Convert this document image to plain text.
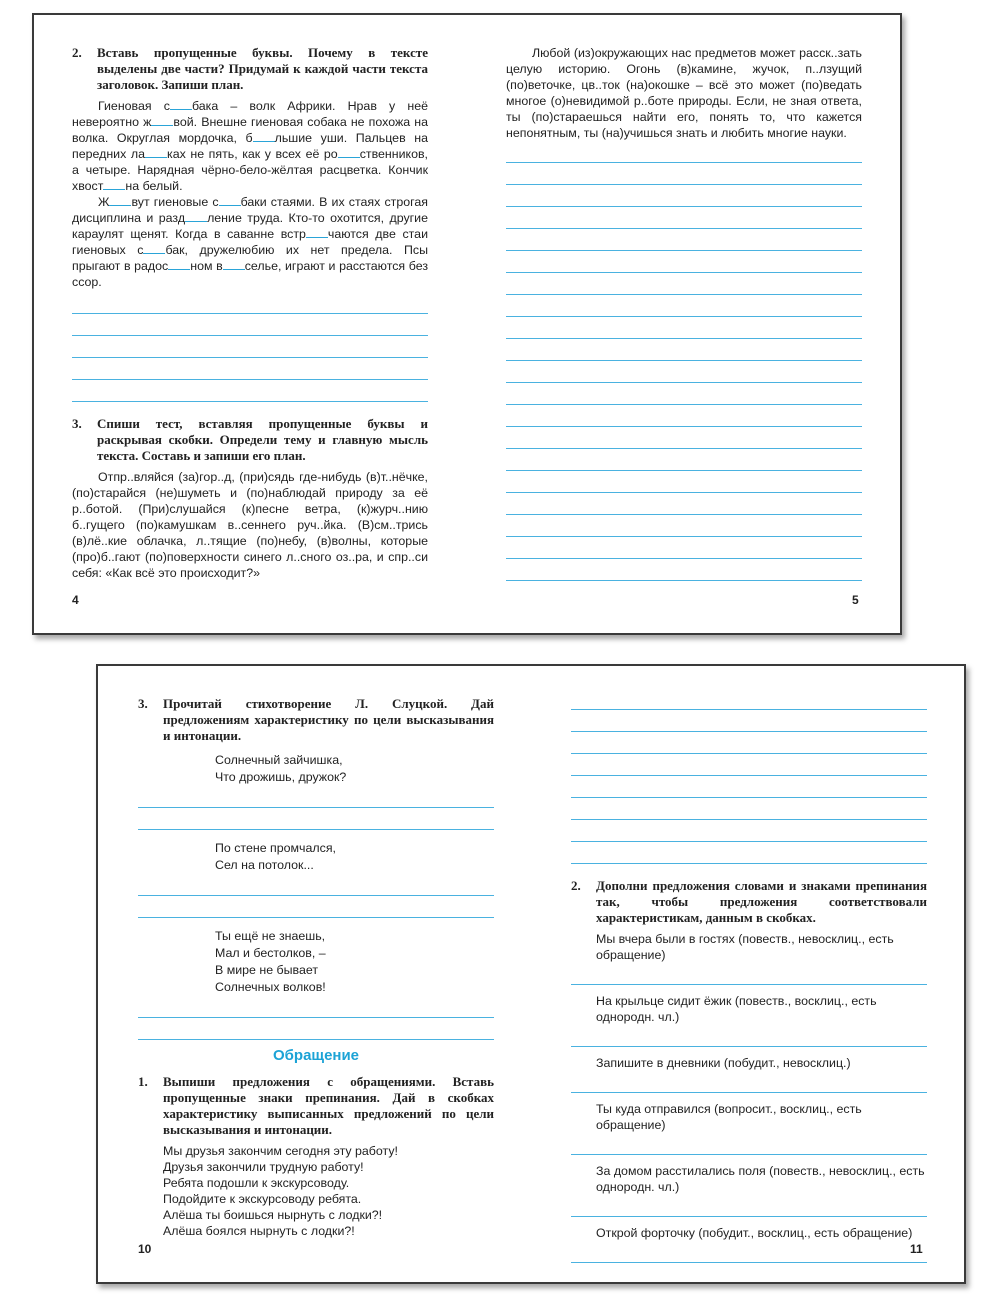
2.	Вставь пропущенные буквы. Почему в тексте выделены две части? Придумай к каждой части текста заголовок. Запиши план.

Гиеновая с бака – волк Африки. Нрав у неё невероятно ж вой. Внешне гиеновая собака не похожа на волка. Округлая мордочка, б льшие уши. Пальцев на передних ла ках не пять, как у всех её ро ственников, а четыре. Нарядная чёрно-бело-жёлтая расцветка. Кончик хвост на белый.

Ж вут гиеновые с баки стаями. В их стаях строгая дисциплина и разд ление труда. Кто-то охотится, другие караулят щенят. Когда в саванне встр чаются две стаи гиеновых с бак, дружелюбию их нет предела. Псы прыгают в радос ном в селье, играют и расстаются без ссор.

3.	Спиши тест, вставляя пропущенные буквы и раскрывая скобки. Определи тему и главную мысль текста. Составь и запиши его план.

Отпр..вляйся (за)гор..д, (при)сядь где-нибудь (в)т..нёчке, (по)старайся (не)шуметь и (по)наблюдай природу за её р..ботой. (При)слушайся (к)песне ветра, (к)журч..нию б..гущего (по)камушкам в..сеннего руч..йка. (В)см..трись (в)лё..кие облачка, л..тящие (по)небу, (в)волны, которые (про)б..гают (по)поверхности синего л..сного оз..ра, и спр..си себя: «Как всё это происходит?»

4

Любой (из)окружающих нас предметов может расск..зать целую историю. Огонь (в)камине, жучок, п..лзущий (по)веточке, цв..ток (на)окошке – всё это может (по)ведать многое (о)невидимой р..боте природы. Если, не зная ответа, ты (по)стараешься найти его, понять то, что кажется непонятным, ты (на)учишься знать и любить многие науки.

5
3.	Прочитай стихотворение Л. Слуцкой. Дай предложениям характеристику по цели высказывания и интонации.

Солнечный зайчишка,

Что дрожишь, дружок?

По стене промчался,

Сел на потолок...

Ты ещё не знаешь,

Мал и бестолков, –

В мире не бывает

Солнечных волков!

Обращение
1.	Выпиши предложения с обращениями. Вставь пропущенные знаки препинания. Дай в скобках характеристику выписанных предложений по цели высказывания и интонации.

Мы друзья закончим сегодня эту работу!

Друзья закончили трудную работу!

Ребята подошли к экскурсоводу.

Подойдите к экскурсоводу ребята.

Алёша ты боишься нырнуть с лодки?!

Алёша боялся нырнуть с лодки?!

10
2.	Дополни предложения словами и знаками препинания так, чтобы предложения соответствовали характеристикам, данным в скобках.

Мы вчера были в гостях (повеств., невосклиц., есть обращение)

На крыльце сидит ёжик (повеств., восклиц., есть однородн. чл.)

Запишите в дневники (побудит., невосклиц.)

Ты куда отправился (вопросит., восклиц., есть обращение)

За домом расстилались поля (повеств., невосклиц., есть однородн. чл.)

Открой форточку (побудит., восклиц., есть обращение)

11
